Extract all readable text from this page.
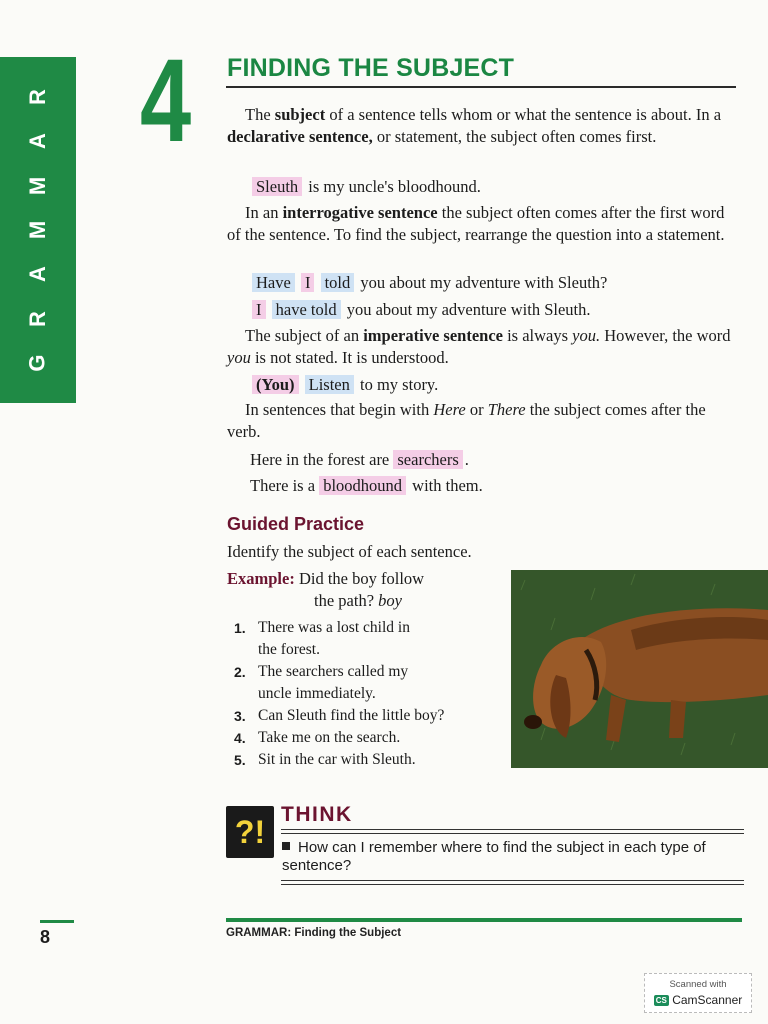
R
A
M
M
A
R
G
4 FINDING THE SUBJECT

The subject of a sentence tells whom or what the sentence is about. In a declarative sentence, or statement, the subject often comes first.

Sleuth is my uncle's bloodhound.

In an interrogative sentence the subject often comes after the first word of the sentence. To find the subject, rearrange the question into a statement.

Have I told you about my adventure with Sleuth?
I have told you about my adventure with Sleuth.

The subject of an imperative sentence is always you. However, the word you is not stated. It is understood.

(You) Listen to my story.

In sentences that begin with Here or There the subject comes after the verb.

Here in the forest are searchers .
There is a bloodhound with them.
Guided Practice
Identify the subject of each sentence.
Example: Did the boy follow
the path? boy
1. There was a lost child in
the forest.
2. The searchers called my
uncle immediately.
3. Can Sleuth find the little boy?
4. Take me on the search.
5. Sit in the car with Sleuth.
?! THINK
How can I remember where to find the subject in each type of sentence?
8	GRAMMAR: Finding the Subject
Scanned with
CS CamScanner
